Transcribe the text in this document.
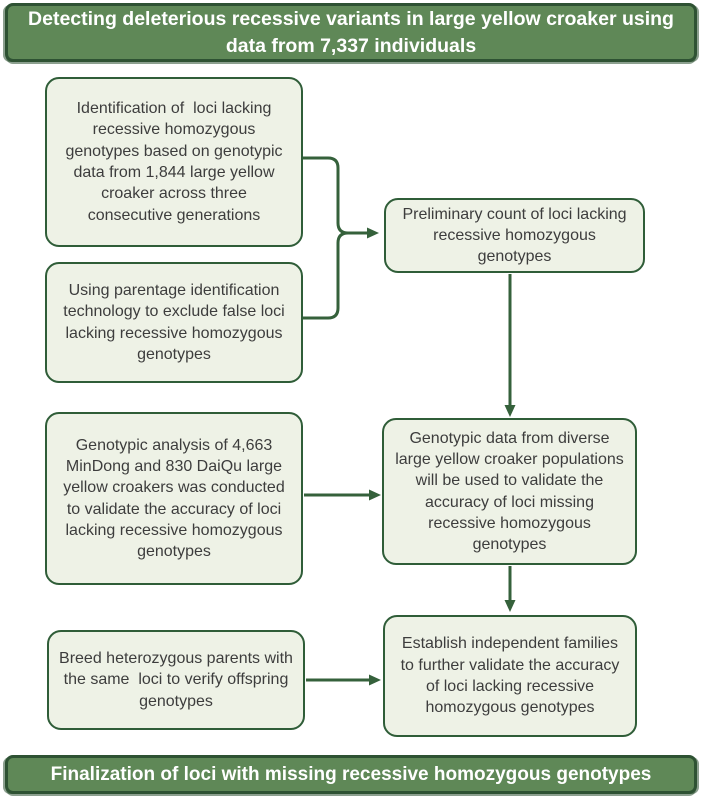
Detecting deleterious recessive variants in large yellow croaker using data from 7,337 individuals
Identification of  loci lacking recessive homozygous genotypes based on genotypic data from 1,844 large yellow croaker across three consecutive generations
Using parentage identification technology to exclude false loci lacking recessive homozygous genotypes
Genotypic analysis of 4,663 MinDong and 830 DaiQu large yellow croakers was conducted to validate the accuracy of loci lacking recessive homozygous genotypes
Breed heterozygous parents with the same  loci to verify offspring genotypes
Preliminary count of loci lacking recessive homozygous genotypes
Genotypic data from diverse large yellow croaker populations will be used to validate the accuracy of loci missing recessive homozygous genotypes
Establish independent families to further validate the accuracy of loci lacking recessive homozygous genotypes
Finalization of loci with missing recessive homozygous genotypes
